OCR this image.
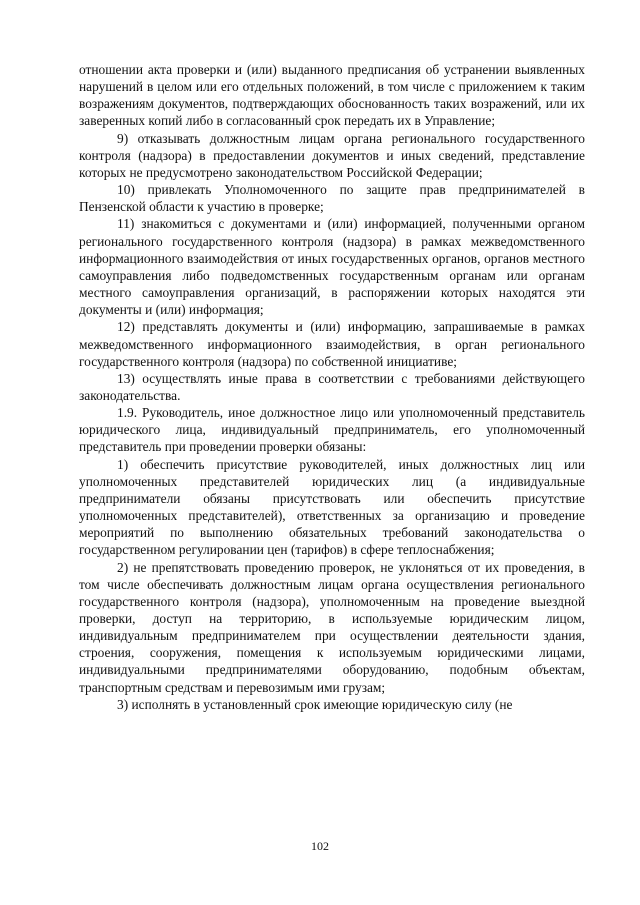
отношении акта проверки и (или) выданного предписания об устранении выявленных нарушений в целом или его отдельных положений, в том числе с приложением к таким возражениям документов, подтверждающих обоснованность таких возражений, или их заверенных копий либо в согласованный срок передать их в Управление;

9) отказывать должностным лицам органа регионального государственного контроля (надзора) в предоставлении документов и иных сведений, представление которых не предусмотрено законодательством Российской Федерации;

10) привлекать Уполномоченного по защите прав предпринимателей в Пензенской области к участию в проверке;

11) знакомиться с документами и (или) информацией, полученными органом регионального государственного контроля (надзора) в рамках межведомственного информационного взаимодействия от иных государственных органов, органов местного самоуправления либо подведомственных государственным органам или органам местного самоуправления организаций, в распоряжении которых находятся эти документы и (или) информация;

12) представлять документы и (или) информацию, запрашиваемые в рамках межведомственного информационного взаимодействия, в орган регионального государственного контроля (надзора) по собственной инициативе;

13) осуществлять иные права в соответствии с требованиями действующего законодательства.

1.9. Руководитель, иное должностное лицо или уполномоченный представитель юридического лица, индивидуальный предприниматель, его уполномоченный представитель при проведении проверки обязаны:

1) обеспечить присутствие руководителей, иных должностных лиц или уполномоченных представителей юридических лиц (а индивидуальные предприниматели обязаны присутствовать или обеспечить присутствие уполномоченных представителей), ответственных за организацию и проведение мероприятий по выполнению обязательных требований законодательства о государственном регулировании цен (тарифов) в сфере теплоснабжения;

2) не препятствовать проведению проверок, не уклоняться от их проведения, в том числе обеспечивать должностным лицам органа осуществления регионального государственного контроля (надзора), уполномоченным на проведение выездной проверки, доступ на территорию, в используемые юридическим лицом, индивидуальным предпринимателем при осуществлении деятельности здания, строения, сооружения, помещения к используемым юридическими лицами, индивидуальными предпринимателями оборудованию, подобным объектам, транспортным средствам и перевозимым ими грузам;

3) исполнять в установленный срок имеющие юридическую силу (не

102
